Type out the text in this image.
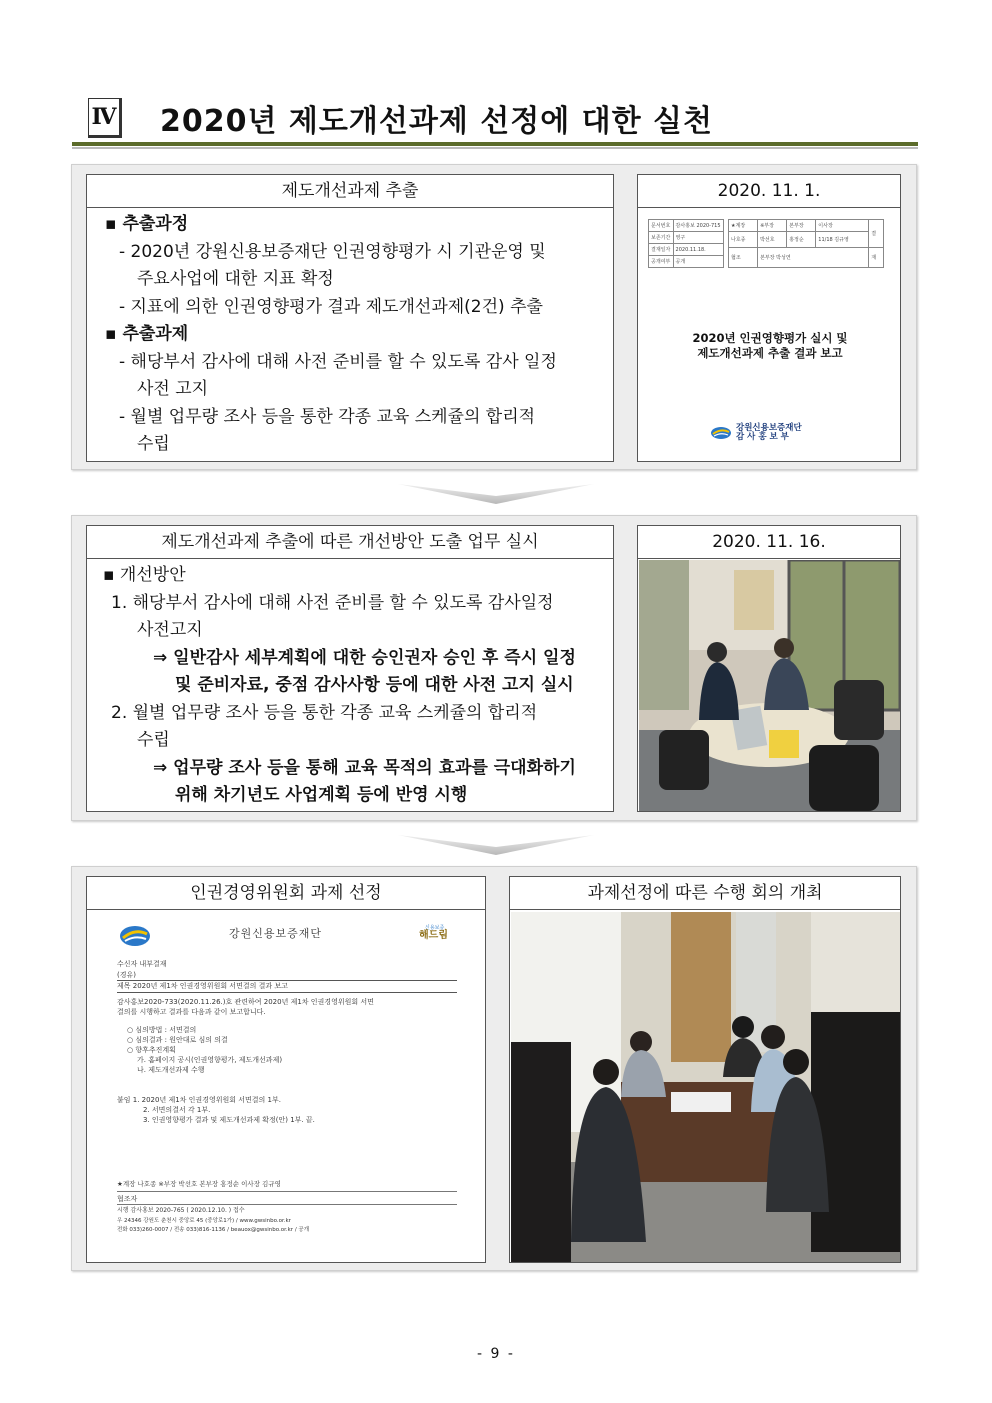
Ⅳ 2020년 제도개선과제 선정에 대한 실천
제도개선과제 추출
▪ 추출과정
- 2020년 강원신용보증재단 인권영향평가 시 기관운영 및
주요사업에 대한 지표 확정
- 지표에 의한 인권영향평가 결과 제도개선과제(2건) 추출
▪ 추출과제
- 해당부서 감사에 대해 사전 준비를 할 수 있도록 감사 일정
사전 고지
- 월별 업무량 조사 등을 통한 각종 교육 스케쥴의 합리적
수립
2020. 11. 1.
문서번호	감사홍보 2020-715
보존기간	영구
결재일자	2020.11.18.
공개여부	공개
★계장	※부장	본부장	이사장	결
나호종	박선호	홍정순	11/18 김규영	
협조	본부장 박성연			재
2020년 인권영향평가 실시 및
제도개선과제 추출 결과 보고
강원신용보증재단
감 사 홍 보 부
제도개선과제 추출에 따른 개선방안 도출 업무 실시
▪ 개선방안
1. 해당부서 감사에 대해 사전 준비를 할 수 있도록 감사일정
사전고지
⇒ 일반감사 세부계획에 대한 승인권자 승인 후 즉시 일정
및 준비자료, 중점 감사사항 등에 대한 사전 고지 실시
2. 월별 업무량 조사 등을 통한 각종 교육 스케쥴의 합리적
수립
⇒ 업무량 조사 등을 통해 교육 목적의 효과를 극대화하기
위해 차기년도 사업계획 등에 반영 시행
2020. 11. 16.
인권경영위원회 과제 선정
강원신용보증재단	신용보증
해드림
수신자 내부결재
(경유)
제목 2020년 제1차 인권경영위원회 서면결의 결과 보고
감사홍보2020-733(2020.11.26.)호 관련하여 2020년 제1차 인권경영위원회 서면
결의를 시행하고 결과를 다음과 같이 보고합니다.
○ 심의방법 : 서면결의
○ 심의결과 : 원안대로 심의 의결
○ 향후추진계획
가. 홈페이지 공시(인권영향평가, 제도개선과제)
나. 제도개선과제 수행
붙임 1. 2020년 제1차 인권경영위원회 서면결의 1부.
2. 서면의결서 각 1부.
3. 인권영향평가 결과 및 제도개선과제 확정(안) 1부. 끝.
★계장 나호종 ※부장 박선호 본부장 홍정순 이사장 김규영
협조자
시행 감사홍보 2020-765 ( 2020.12.10. ) 접수
우 24346 강원도 춘천시 중앙로 45 (중앙로1가) / www.gwsinbo.or.kr
전화 033)260-0007 / 전송 033)816-1136 / beauox@gwsinbo.or.kr / 공개
과제선정에 따른 수행 회의 개최
- 9 -
